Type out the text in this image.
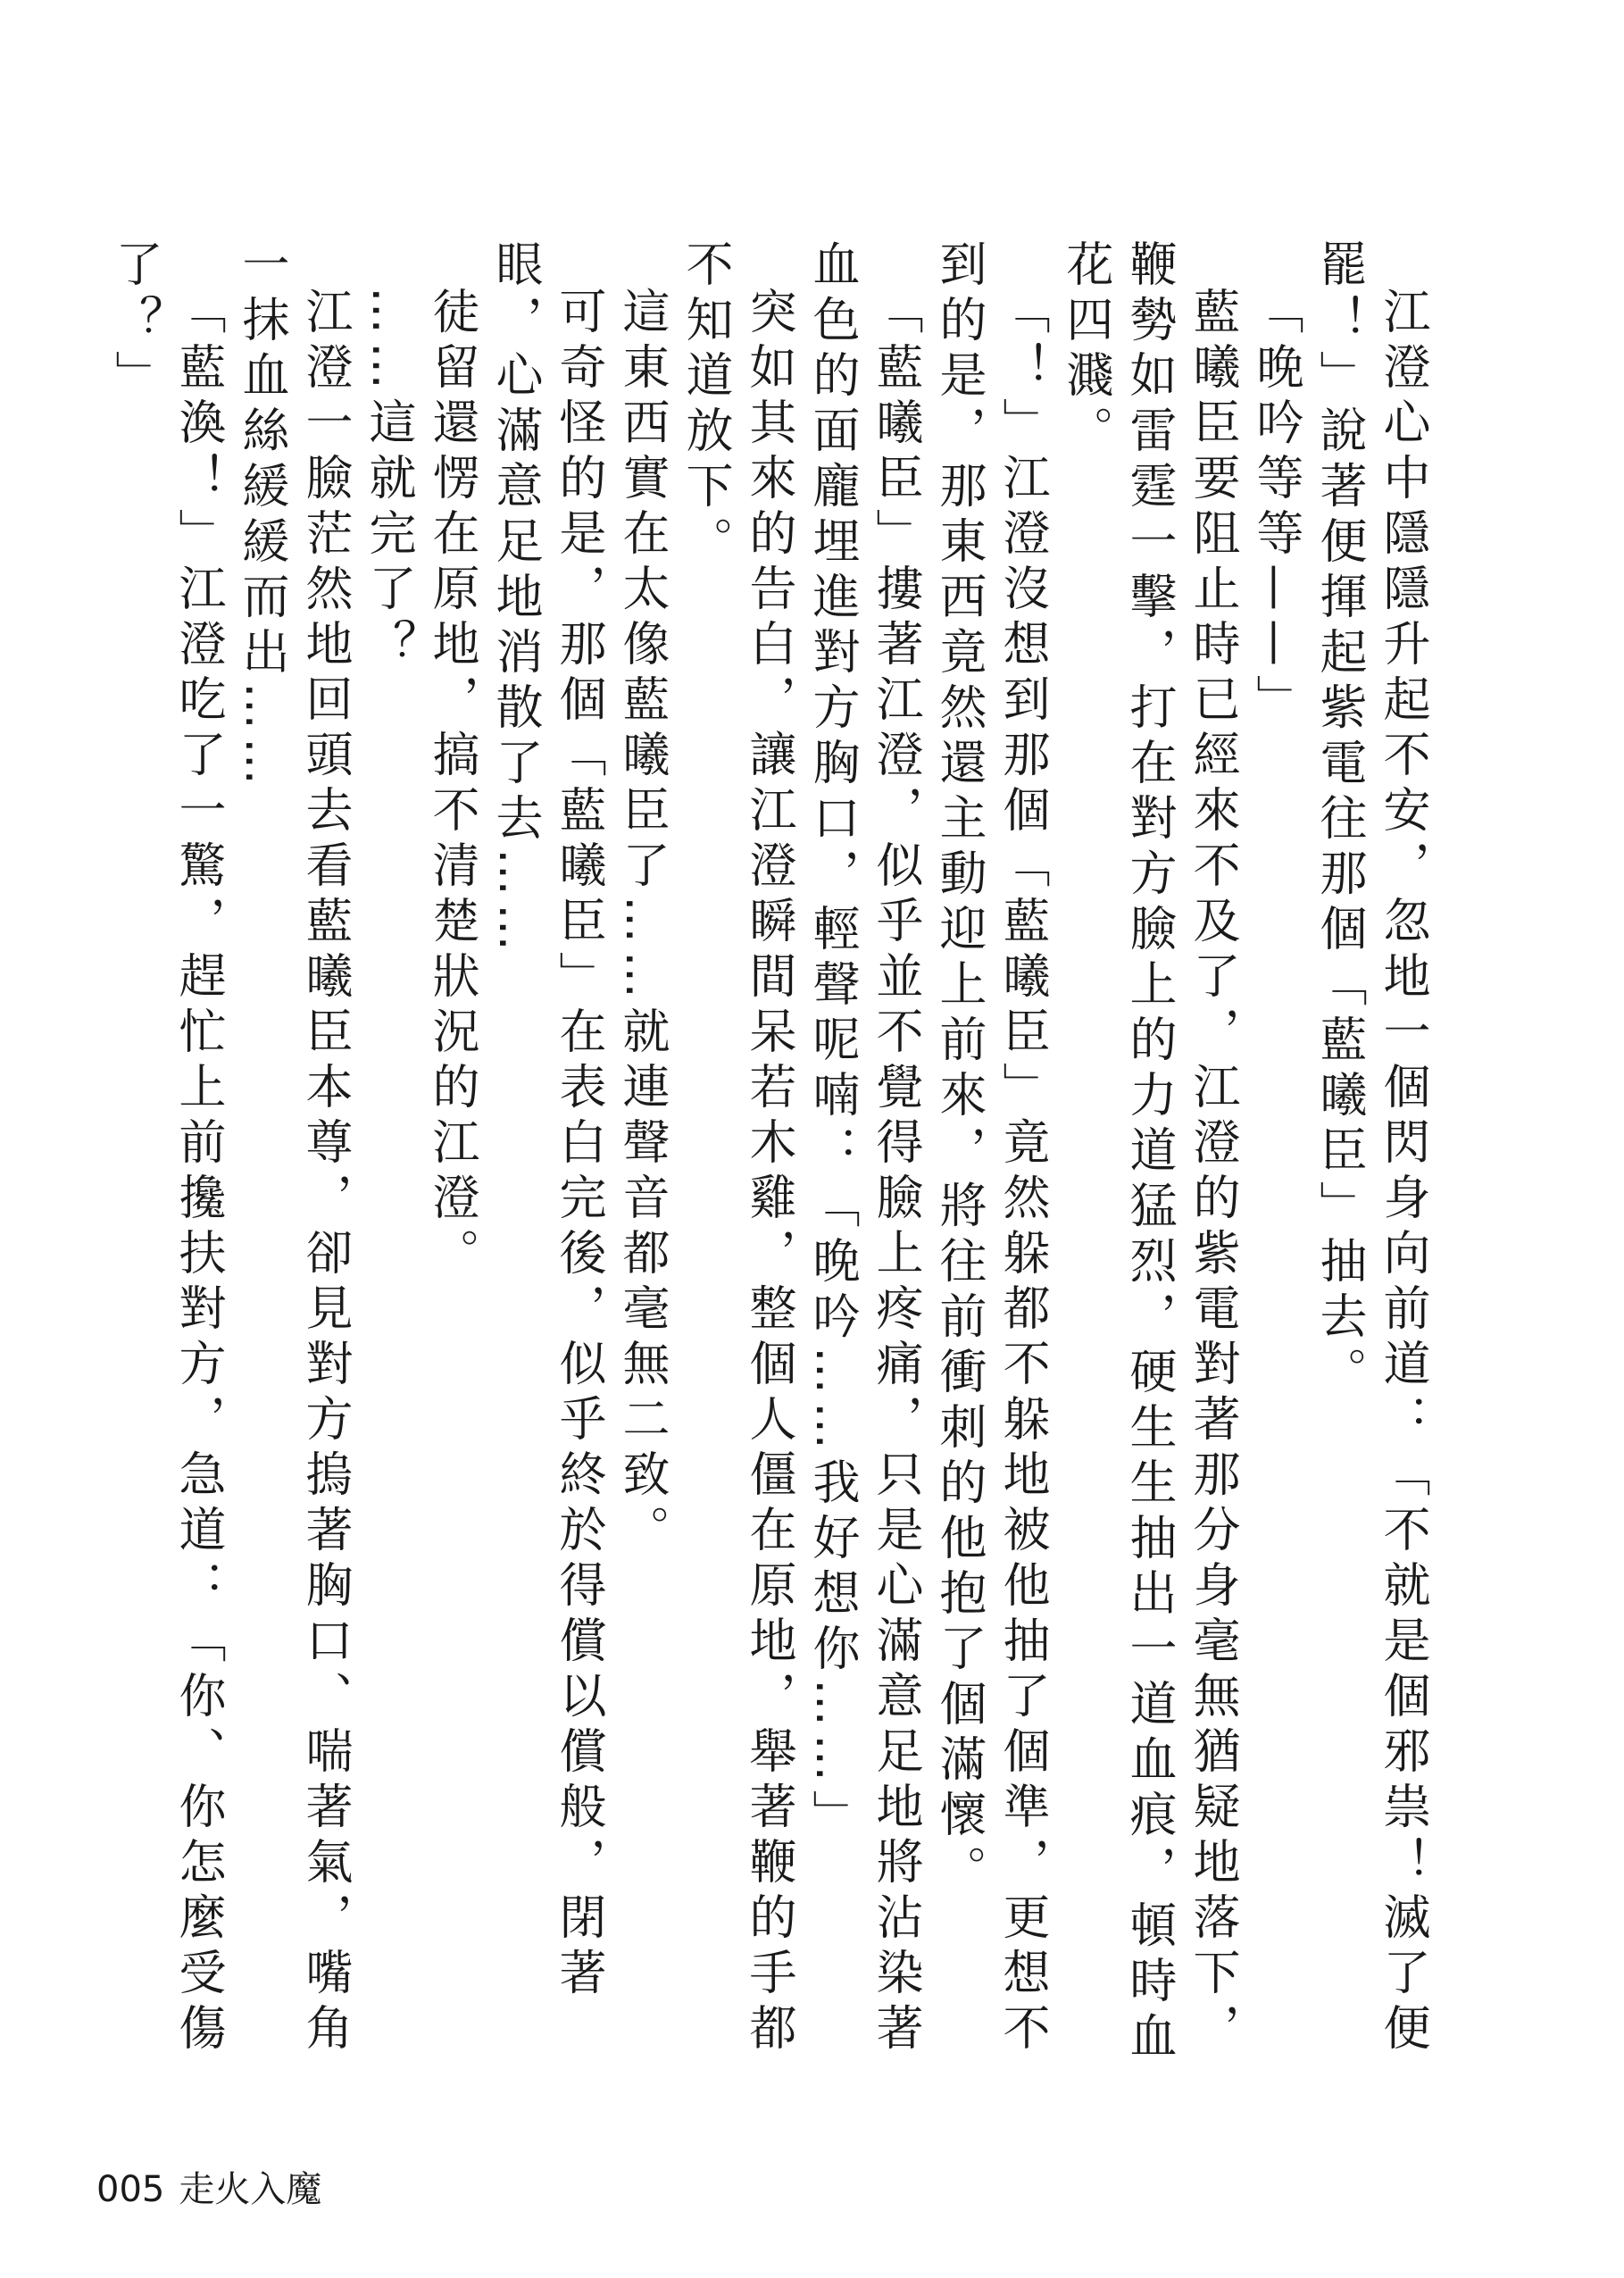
江澄心中隱隱升起不安，忽地一個閃身向前道：「不就是個邪祟！滅了便罷！」說著便揮起紫電往那個「藍曦臣」抽去。

「晚吟等等——」

藍曦臣要阻止時已經來不及了，江澄的紫電對著那分身毫無猶疑地落下，鞭勢如雷霆一擊，打在對方臉上的力道猛烈，硬生生抽出一道血痕，頓時血花四濺。

「！」江澄沒想到那個「藍曦臣」竟然躲都不躲地被他抽了個準，更想不到的是，那東西竟然還主動迎上前來，將往前衝刺的他抱了個滿懷。

「藍曦臣」摟著江澄，似乎並不覺得臉上疼痛，只是心滿意足地將沾染著血色的面龐埋進對方胸口，輕聲呢喃：「晚吟……我好想你……」

突如其來的告白，讓江澄瞬間呆若木雞，整個人僵在原地，舉著鞭的手都不知道放下。

這東西實在太像藍曦臣了……就連聲音都毫無二致。

可奇怪的是，那個「藍曦臣」在表白完後，似乎終於得償以償般，閉著眼，心滿意足地消散了去……

徒留還愣在原地，搞不清楚狀況的江澄。

……這就完了？

江澄一臉茫然地回頭去看藍曦臣本尊，卻見對方摀著胸口、喘著氣，嘴角一抹血絲緩緩而出……

「藍渙！」江澄吃了一驚，趕忙上前攙扶對方，急道：「你、你怎麼受傷了？」

005 走火入魔
